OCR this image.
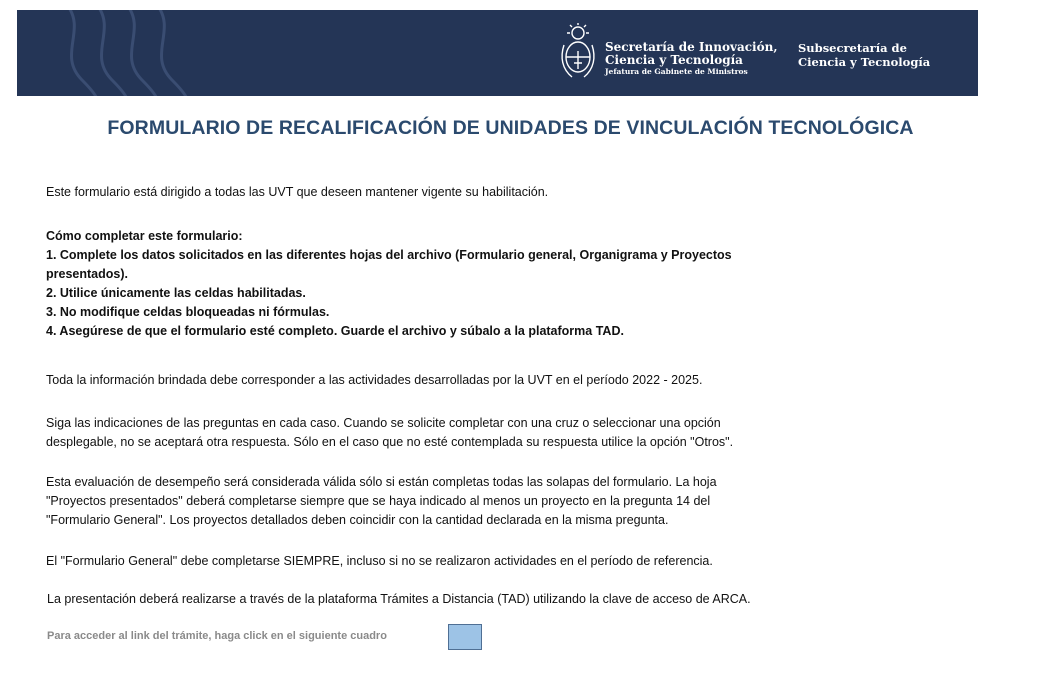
Secretaría de Innovación,
Ciencia y Tecnología
Jefatura de Gabinete de Ministros
Subsecretaría de
Ciencia y Tecnología
FORMULARIO DE RECALIFICACIÓN DE UNIDADES DE VINCULACIÓN TECNOLÓGICA
Este formulario está dirigido a todas las UVT que deseen mantener vigente su habilitación.
Cómo completar este formulario:
1. Complete los datos solicitados en las diferentes hojas del archivo (Formulario general, Organigrama y Proyectos
presentados).
2. Utilice únicamente las celdas habilitadas.
3. No modifique celdas bloqueadas ni fórmulas.
4. Asegúrese de que el formulario esté completo. Guarde el archivo y súbalo a la plataforma TAD.
Toda la información brindada debe corresponder a las actividades desarrolladas por la UVT en el período 2022 - 2025.
Siga las indicaciones de las preguntas en cada caso. Cuando se solicite completar con una cruz o seleccionar una opción
desplegable, no se aceptará otra respuesta. Sólo en el caso que no esté contemplada su respuesta utilice la opción "Otros".
Esta evaluación de desempeño será considerada válida sólo si están completas todas las solapas del formulario. La hoja
"Proyectos presentados" deberá completarse siempre que se haya indicado al menos un proyecto en la pregunta 14 del
"Formulario General". Los proyectos detallados deben coincidir con la cantidad declarada en la misma pregunta.
El "Formulario General" debe completarse SIEMPRE, incluso si no se realizaron actividades en el período de referencia.
La presentación deberá realizarse a través de la plataforma Trámites a Distancia (TAD) utilizando la clave de acceso de ARCA.
Para acceder al link del trámite, haga click en el siguiente cuadro
